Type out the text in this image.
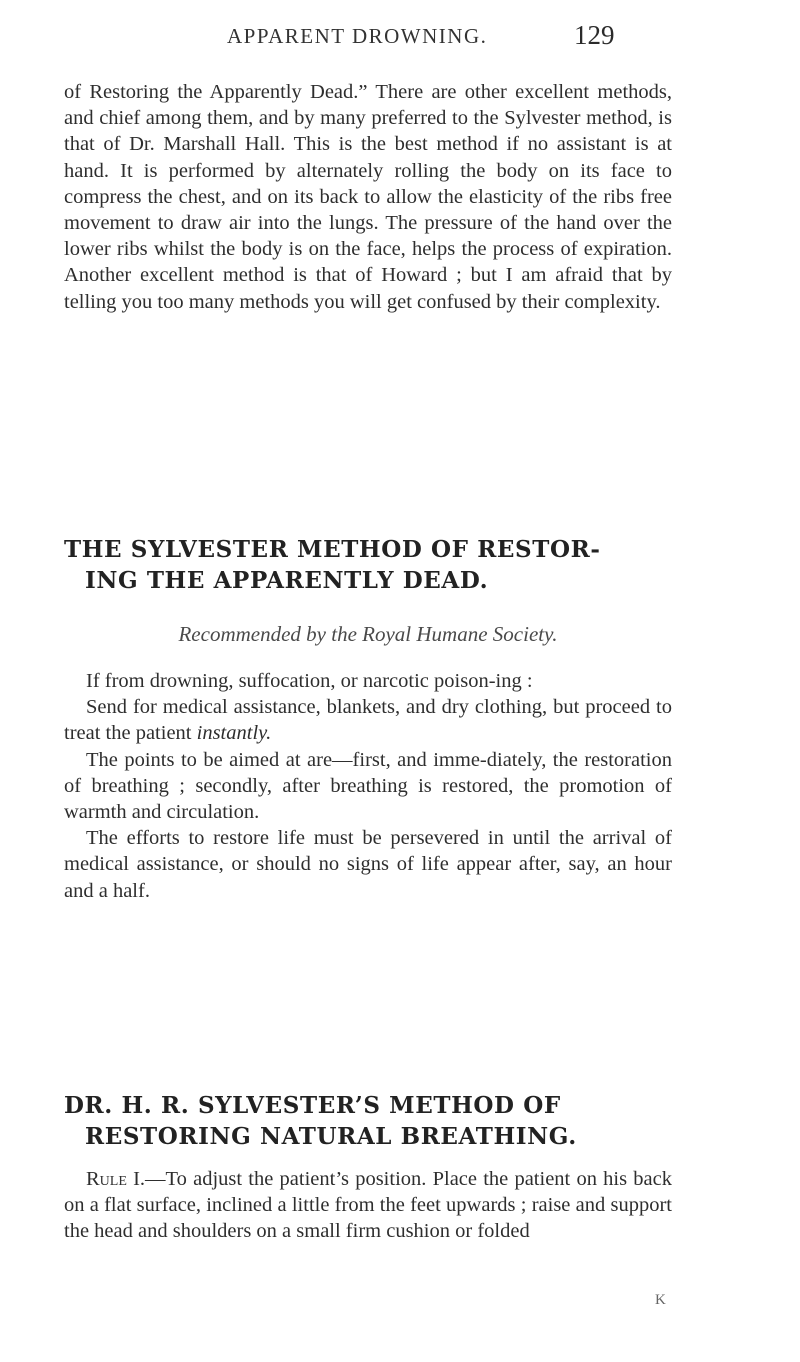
APPARENT DROWNING.	129

of Restoring the Apparently Dead.” There are other excellent methods, and chief among them, and by many preferred to the Sylvester method, is that of Dr. Marshall Hall. This is the best method if no assistant is at hand. It is performed by alternately rolling the body on its face to compress the chest, and on its back to allow the elasticity of the ribs free movement to draw air into the lungs. The pressure of the hand over the lower ribs whilst the body is on the face, helps the process of expiration. Another excellent method is that of Howard ; but I am afraid that by telling you too many methods you will get confused by their complexity.

THE SYLVESTER METHOD OF RESTOR-
ING THE APPARENTLY DEAD.
Recommended by the Royal Humane Society.

If from drowning, suffocation, or narcotic poison-ing :

Send for medical assistance, blankets, and dry clothing, but proceed to treat the patient instantly.

The points to be aimed at are—first, and imme-diately, the restoration of breathing ; secondly, after breathing is restored, the promotion of warmth and circulation.

The efforts to restore life must be persevered in until the arrival of medical assistance, or should no signs of life appear after, say, an hour and a half.

DR. H. R. SYLVESTER’S METHOD OF
RESTORING NATURAL BREATHING.

Rule I.—To adjust the patient’s position. Place the patient on his back on a flat surface, inclined a little from the feet upwards ; raise and support the head and shoulders on a small firm cushion or folded

K
